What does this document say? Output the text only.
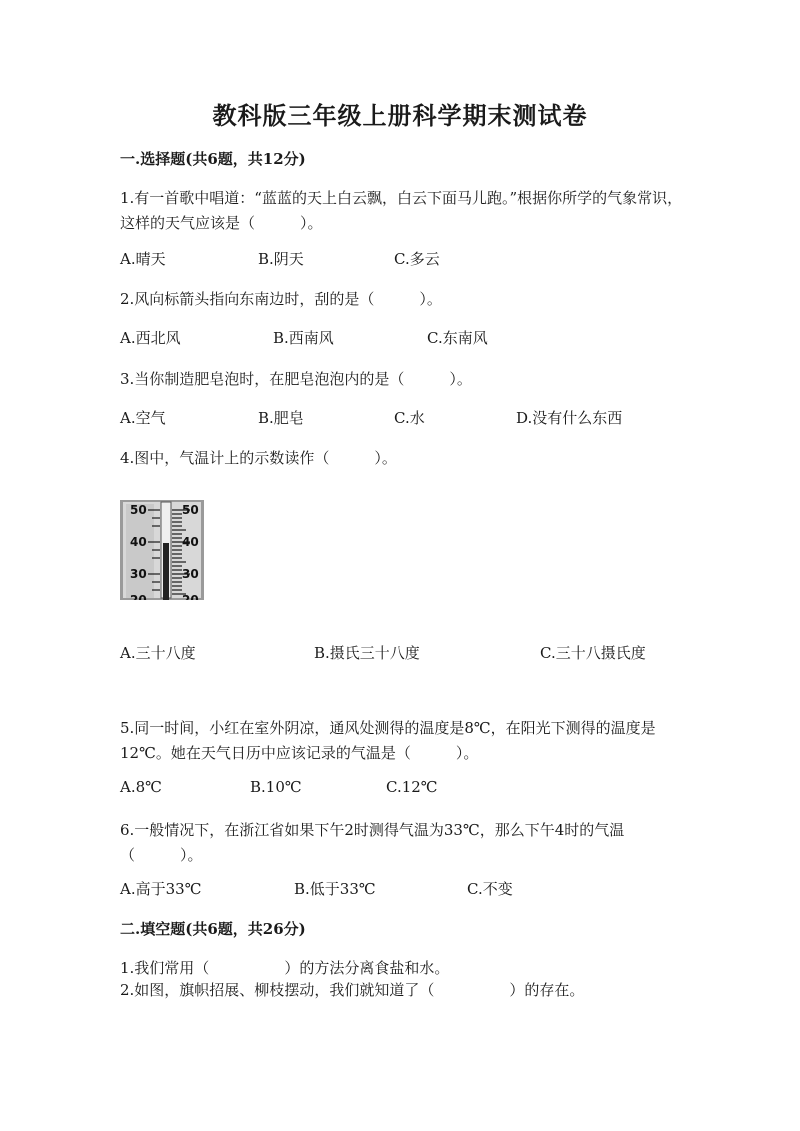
教科版三年级上册科学期末测试卷
一.选择题(共6题，共12分)
1.有一首歌中唱道：“蓝蓝的天上白云飘，白云下面马儿跑。”根据你所学的气象常识，这样的天气应该是（　　　）。
A.晴天	B.阴天	C.多云
2.风向标箭头指向东南边时，刮的是（　　　）。
A.西北风	B.西南风	C.东南风
3.当你制造肥皂泡时，在肥皂泡泡内的是（　　　）。
A.空气	B.肥皂	C.水	D.没有什么东西
4.图中，气温计上的示数读作（　　　）。
50
40
30
20
50
40
30
20
A.三十八度	B.摄氏三十八度	C.三十八摄氏度
5.同一时间，小红在室外阴凉，通风处测得的温度是8℃，在阳光下测得的温度是12℃。她在天气日历中应该记录的气温是（　　　）。
A.8℃	B.10℃	C.12℃
6.一般情况下，在浙江省如果下午2时测得气温为33℃，那么下午4时的气温（　　　）。
A.高于33℃	B.低于33℃	C.不变
二.填空题(共6题，共26分)
1.我们常用（　　　　　）的方法分离食盐和水。
2.如图，旗帜招展、柳枝摆动，我们就知道了（　　　　　）的存在。
